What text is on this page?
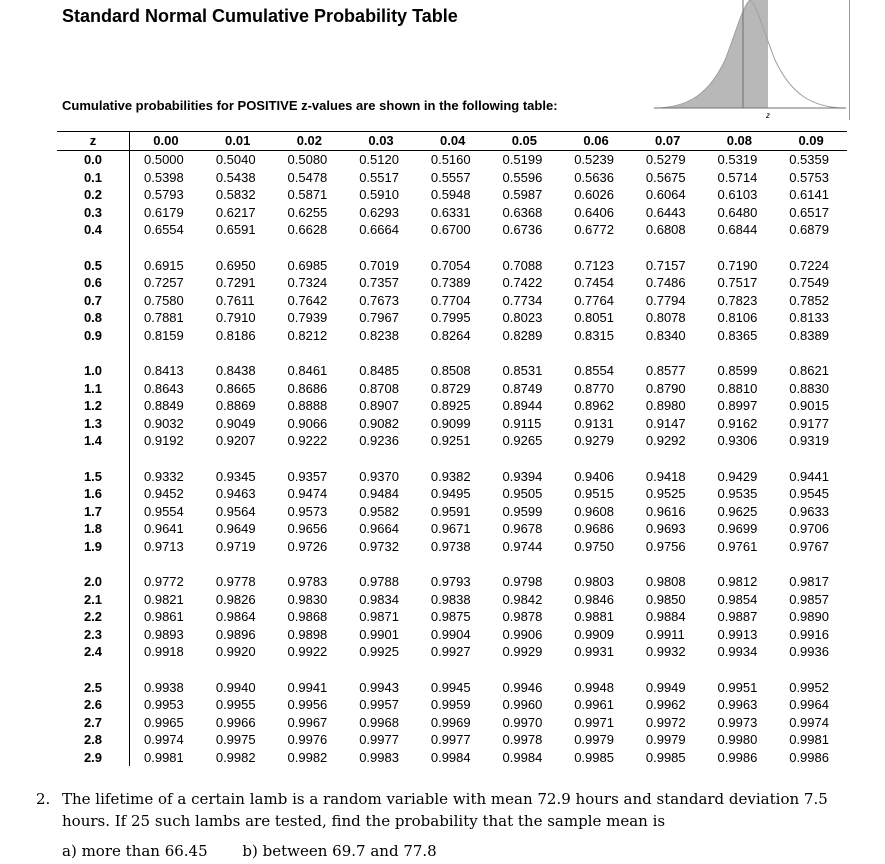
Standard Normal Cumulative Probability Table
Cumulative probabilities for POSITIVE z-values are shown in the following table:
z
z	0.00	0.01	0.02	0.03	0.04	0.05	0.06	0.07	0.08	0.09
0.0	0.5000	0.5040	0.5080	0.5120	0.5160	0.5199	0.5239	0.5279	0.5319	0.5359
0.1	0.5398	0.5438	0.5478	0.5517	0.5557	0.5596	0.5636	0.5675	0.5714	0.5753
0.2	0.5793	0.5832	0.5871	0.5910	0.5948	0.5987	0.6026	0.6064	0.6103	0.6141
0.3	0.6179	0.6217	0.6255	0.6293	0.6331	0.6368	0.6406	0.6443	0.6480	0.6517
0.4	0.6554	0.6591	0.6628	0.6664	0.6700	0.6736	0.6772	0.6808	0.6844	0.6879

0.5	0.6915	0.6950	0.6985	0.7019	0.7054	0.7088	0.7123	0.7157	0.7190	0.7224
0.6	0.7257	0.7291	0.7324	0.7357	0.7389	0.7422	0.7454	0.7486	0.7517	0.7549
0.7	0.7580	0.7611	0.7642	0.7673	0.7704	0.7734	0.7764	0.7794	0.7823	0.7852
0.8	0.7881	0.7910	0.7939	0.7967	0.7995	0.8023	0.8051	0.8078	0.8106	0.8133
0.9	0.8159	0.8186	0.8212	0.8238	0.8264	0.8289	0.8315	0.8340	0.8365	0.8389

1.0	0.8413	0.8438	0.8461	0.8485	0.8508	0.8531	0.8554	0.8577	0.8599	0.8621
1.1	0.8643	0.8665	0.8686	0.8708	0.8729	0.8749	0.8770	0.8790	0.8810	0.8830
1.2	0.8849	0.8869	0.8888	0.8907	0.8925	0.8944	0.8962	0.8980	0.8997	0.9015
1.3	0.9032	0.9049	0.9066	0.9082	0.9099	0.9115	0.9131	0.9147	0.9162	0.9177
1.4	0.9192	0.9207	0.9222	0.9236	0.9251	0.9265	0.9279	0.9292	0.9306	0.9319

1.5	0.9332	0.9345	0.9357	0.9370	0.9382	0.9394	0.9406	0.9418	0.9429	0.9441
1.6	0.9452	0.9463	0.9474	0.9484	0.9495	0.9505	0.9515	0.9525	0.9535	0.9545
1.7	0.9554	0.9564	0.9573	0.9582	0.9591	0.9599	0.9608	0.9616	0.9625	0.9633
1.8	0.9641	0.9649	0.9656	0.9664	0.9671	0.9678	0.9686	0.9693	0.9699	0.9706
1.9	0.9713	0.9719	0.9726	0.9732	0.9738	0.9744	0.9750	0.9756	0.9761	0.9767

2.0	0.9772	0.9778	0.9783	0.9788	0.9793	0.9798	0.9803	0.9808	0.9812	0.9817
2.1	0.9821	0.9826	0.9830	0.9834	0.9838	0.9842	0.9846	0.9850	0.9854	0.9857
2.2	0.9861	0.9864	0.9868	0.9871	0.9875	0.9878	0.9881	0.9884	0.9887	0.9890
2.3	0.9893	0.9896	0.9898	0.9901	0.9904	0.9906	0.9909	0.9911	0.9913	0.9916
2.4	0.9918	0.9920	0.9922	0.9925	0.9927	0.9929	0.9931	0.9932	0.9934	0.9936

2.5	0.9938	0.9940	0.9941	0.9943	0.9945	0.9946	0.9948	0.9949	0.9951	0.9952
2.6	0.9953	0.9955	0.9956	0.9957	0.9959	0.9960	0.9961	0.9962	0.9963	0.9964
2.7	0.9965	0.9966	0.9967	0.9968	0.9969	0.9970	0.9971	0.9972	0.9973	0.9974
2.8	0.9974	0.9975	0.9976	0.9977	0.9977	0.9978	0.9979	0.9979	0.9980	0.9981
2.9	0.9981	0.9982	0.9982	0.9983	0.9984	0.9984	0.9985	0.9985	0.9986	0.9986
2. The lifetime of a certain lamb is a random variable with mean 72.9 hours and standard deviation 7.5 hours. If 25 such lambs are tested, find the probability that the sample mean is
a) more than 66.45 b) between 69.7 and 77.8
